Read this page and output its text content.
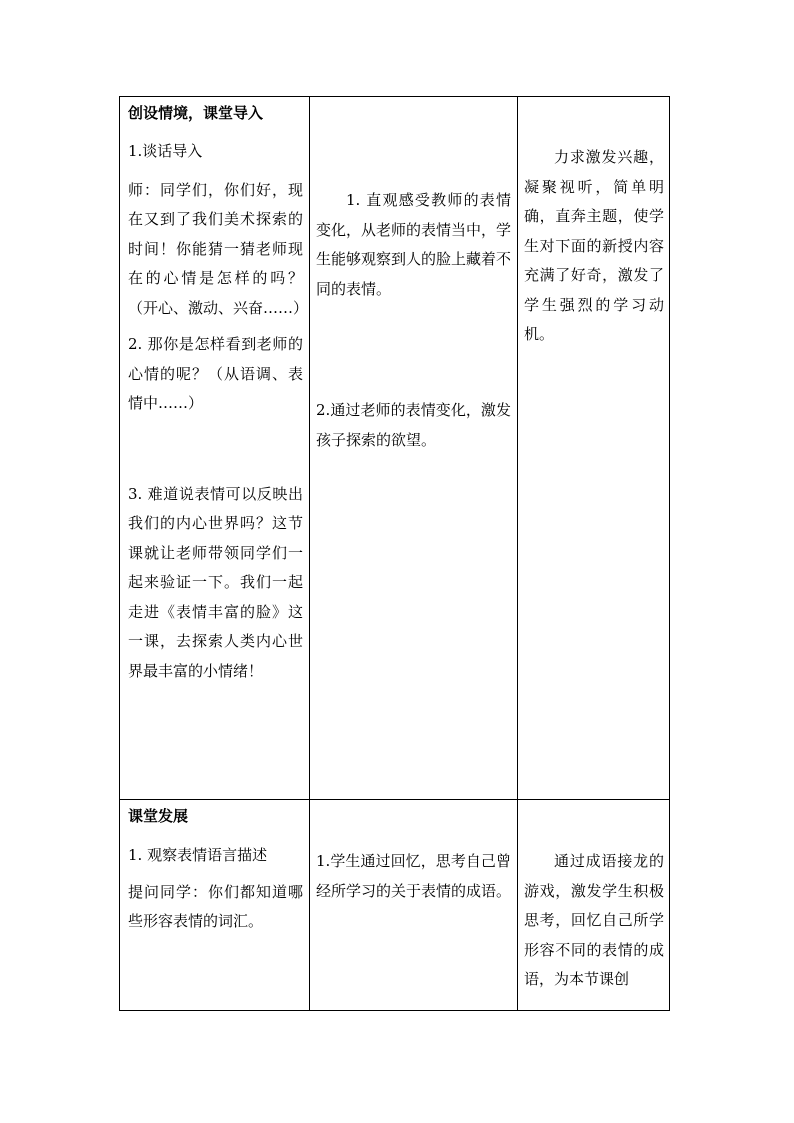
创设情境，课堂导入

1.谈话导入

师：同学们，你们好，现在又到了我们美术探索的时间！你能猜一猜老师现在的心情是怎样的吗？（开心、激动、兴奋……）

2. 那你是怎样看到老师的心情的呢？（从语调、表情中……）

3. 难道说表情可以反映出我们的内心世界吗？这节课就让老师带领同学们一起来验证一下。我们一起走进《表情丰富的脸》这一课，去探索人类内心世界最丰富的小情绪！

1. 直观感受教师的表情变化，从老师的表情当中，学生能够观察到人的脸上藏着不同的表情。

2.通过老师的表情变化，激发孩子探索的欲望。

力求激发兴趣，凝聚视听，简单明确，直奔主题，使学生对下面的新授内容充满了好奇，激发了学生强烈的学习动机。

课堂发展

1. 观察表情语言描述

提问同学：你们都知道哪些形容表情的词汇。

1.学生通过回忆，思考自己曾经所学习的关于表情的成语。

通过成语接龙的游戏，激发学生积极思考，回忆自己所学形容不同的表情的成语，为本节课创
